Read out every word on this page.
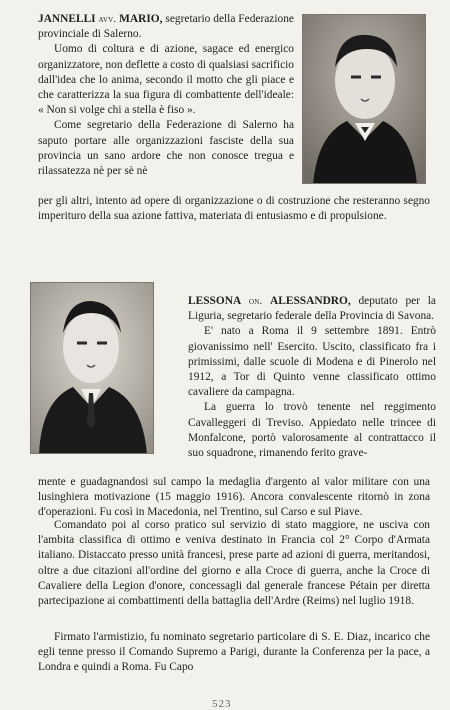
JANNELLI avv. MARIO, segretario della Federazione provinciale di Salerno.

Uomo di coltura e di azione, sagace ed energico organizzatore, non deflette a costo di qualsiasi sacrificio dall'idea che lo anima, secondo il motto che gli piace e che caratterizza la sua figura di combattente dell'ideale: « Non si volge chi a stella è fiso ».

Come segretario della Federazione di Salerno ha saputo portare alle organizzazioni fasciste della sua provincia un sano ardore che non conosce tregua e rilassatezza nè per sè nè

per gli altri, intento ad opere di organizzazione o di costruzione che resteranno segno imperituro della sua azione fattiva, materiata di entusiasmo e di propulsione.

LESSONA on. ALESSANDRO, deputato per la Liguria, segretario federale della Provincia di Savona.

E' nato a Roma il 9 settembre 1891. Entrò giovanissimo nell' Esercito. Uscito, classificato fra i primissimi, dalle scuole di Modena e di Pinerolo nel 1912, a Tor di Quinto venne classificato ottimo cavaliere da campagna.

La guerra lo trovò tenente nel reggimento Cavalleggeri di Treviso. Appiedato nelle trincee di Monfalcone, portò valorosamente al contrattacco il suo squadrone, rimanendo ferito grave-

mente e guadagnandosi sul campo la medaglia d'argento al valor militare con una lusinghiera motivazione (15 maggio 1916). Ancora convalescente ritornò in zona d'operazioni. Fu così in Macedonia, nel Trentino, sul Carso e sul Piave.

Comandato poi al corso pratico sul servizio di stato maggiore, ne usciva con l'ambita classifica di ottimo e veniva destinato in Francia col 2° Corpo d'Armata italiano. Distaccato presso unità francesi, prese parte ad azioni di guerra, meritandosi, oltre a due citazioni all'ordine del giorno e alla Croce di guerra, anche la Croce di Cavaliere della Legion d'onore, concessagli dal generale francese Pétain per diretta partecipazione ai combattimenti della battaglia dell'Ardre (Reims) nel luglio 1918.

Firmato l'armistizio, fu nominato segretario particolare di S. E. Diaz, incarico che egli tenne presso il Comando Supremo a Parigi, durante la Conferenza per la pace, a Londra e quindi a Roma. Fu Capo

523
